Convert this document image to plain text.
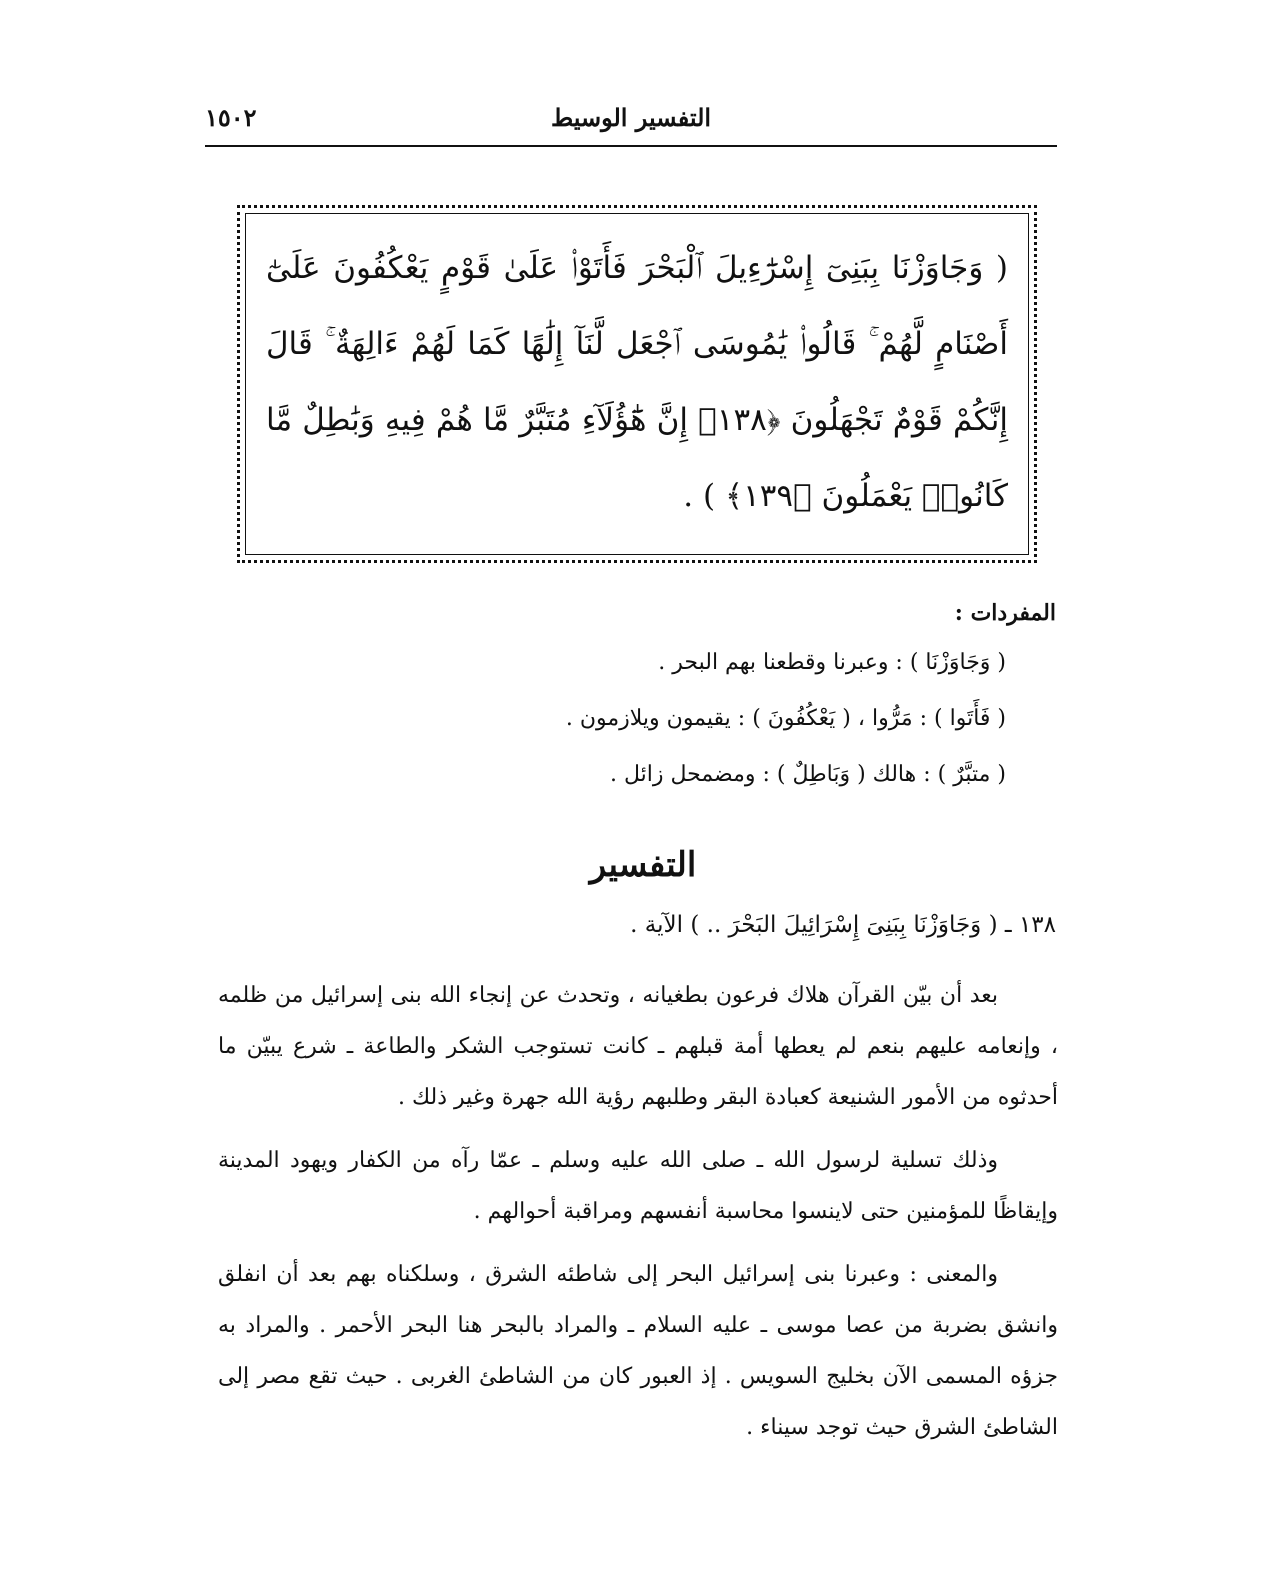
التفسير الوسيط
١٥٠٢
( وَجَاوَزْنَا بِبَنِىٓ إِسْرَٰٓءِيلَ ٱلْبَحْرَ فَأَتَوْا۟ عَلَىٰ قَوْمٍ يَعْكُفُونَ عَلَىٰٓ أَصْنَامٍ لَّهُمْ ۚ قَالُوا۟ يَٰمُوسَى ٱجْعَل لَّنَآ إِلَٰهًا كَمَا لَهُمْ ءَالِهَةٌ ۚ قَالَ إِنَّكُمْ قَوْمٌ تَجْهَلُونَ ﴿١٣٨﴾ إِنَّ هَٰٓؤُلَآءِ مُتَبَّرٌ مَّا هُمْ فِيهِ وَبَٰطِلٌ مَّا كَانُوا۟ يَعْمَلُونَ ﴿١٣٩﴾ ) .
المفردات :
( وَجَاوَزْنَا ) : وعبرنا وقطعنا بهم البحر .
( فَأَتَوا ) : مَرُّوا ، ( يَعْكُفُونَ ) : يقيمون ويلازمون .
( متبَّرٌ ) : هالك ( وَبَاطِلٌ ) : ومضمحل زائل .
التفسير
١٣٨ ـ ( وَجَاوَزْنَا بِبَنِىَ إِسْرَائِيلَ البَحْرَ .. ) الآية .

بعد أن بيّن القرآن هلاك فرعون بطغيانه ، وتحدث عن إنجاء الله بنى إسرائيل من ظلمه ، وإنعامه عليهم بنعم لم يعطها أمة قبلهم ـ كانت تستوجب الشكر والطاعة ـ شرع يبيّن ما أحدثوه من الأمور الشنيعة كعبادة البقر وطلبهم رؤية الله جهرة وغير ذلك .

وذلك تسلية لرسول الله ـ صلى الله عليه وسلم ـ عمّا رآه من الكفار ويهود المدينة وإيقاظًا للمؤمنين حتى لاينسوا محاسبة أنفسهم ومراقبة أحوالهم .

والمعنى : وعبرنا بنى إسرائيل البحر إلى شاطئه الشرق ، وسلكناه بهم بعد أن انفلق وانشق بضربة من عصا موسى ـ عليه السلام ـ والمراد بالبحر هنا البحر الأحمر . والمراد به جزؤه المسمى الآن بخليج السويس . إذ العبور كان من الشاطئ الغربى . حيث تقع مصر إلى الشاطئ الشرق حيث توجد سيناء .
